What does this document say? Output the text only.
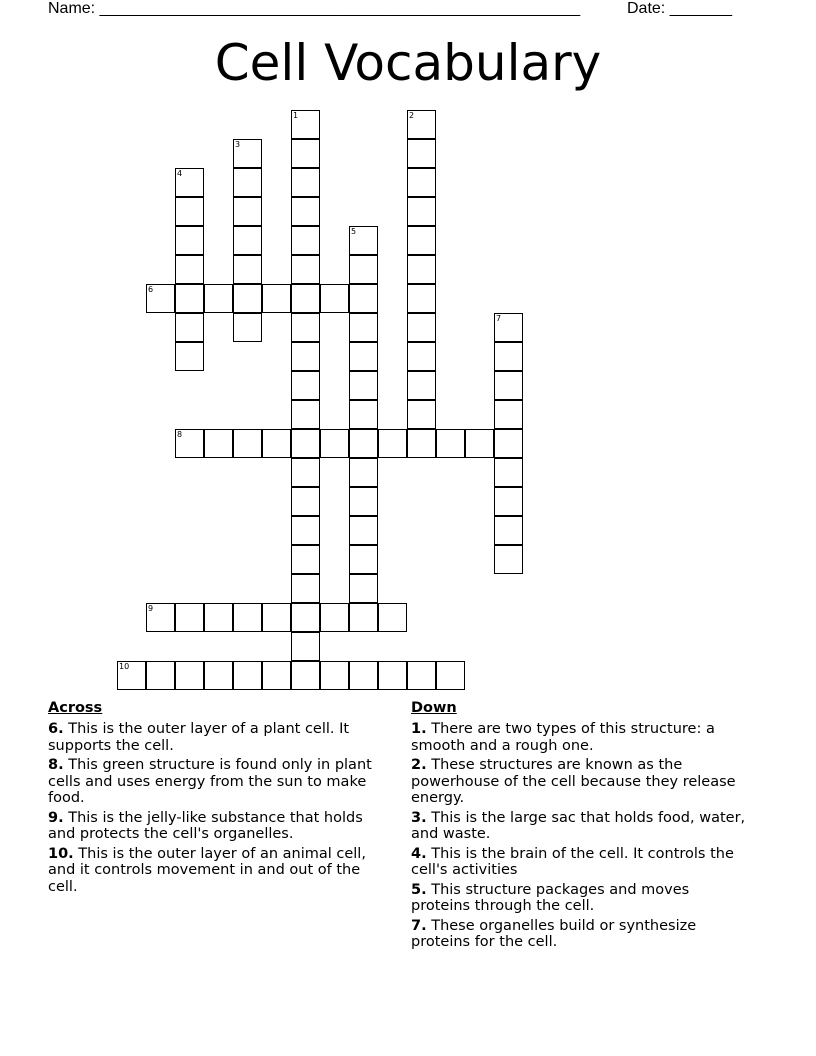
Name: ______________________________________________________	Date: _______
Cell Vocabulary
1	2
3
4
5
6
7
8
9
10
Across
6. This is the outer layer of a plant cell. It supports the cell.
8. This green structure is found only in plant cells and uses energy from the sun to make food.
9. This is the jelly-like substance that holds and protects the cell's organelles.
10. This is the outer layer of an animal cell, and it controls movement in and out of the cell.
Down
1. There are two types of this structure: a smooth and a rough one.
2. These structures are known as the powerhouse of the cell because they release energy.
3. This is the large sac that holds food, water, and waste.
4. This is the brain of the cell. It controls the cell's activities
5. This structure packages and moves proteins through the cell.
7. These organelles build or synthesize proteins for the cell.
